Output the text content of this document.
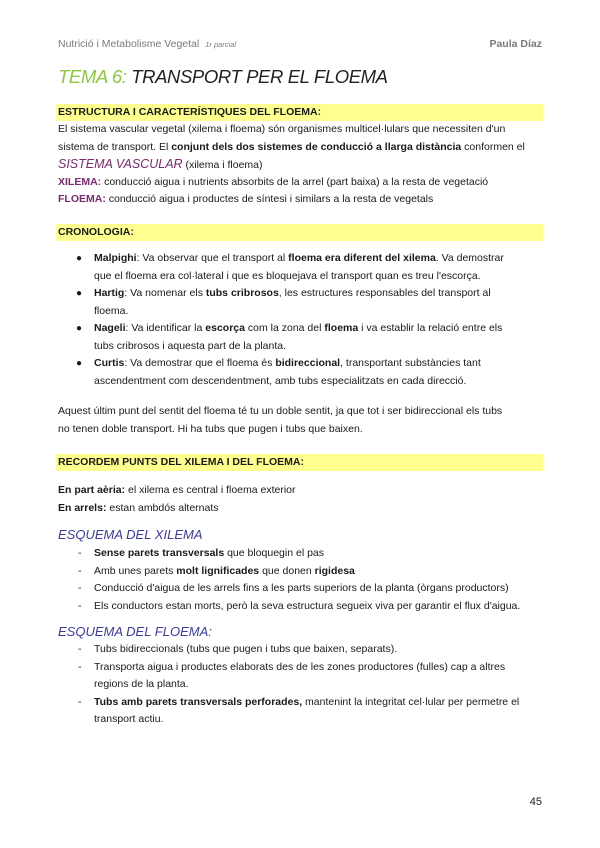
Nutrició i Metabolisme Vegetal 1r parcial	Paula Díaz
TEMA 6: TRANSPORT PER EL FLOEMA
ESTRUCTURA I CARACTERÍSTIQUES DEL FLOEMA:
El sistema vascular vegetal (xilema i floema) són organismes multicel·lulars que necessiten d'un
sistema de transport. El conjunt dels dos sistemes de conducció a llarga distància conformen el
SISTEMA VASCULAR (xilema i floema)
XILEMA: conducció aigua i nutrients absorbits de la arrel (part baixa) a la resta de vegetació
FLOEMA: conducció aigua i productes de síntesi i similars a la resta de vegetals
CRONOLOGIA:
● Malpighi: Va observar que el transport al floema era diferent del xilema. Va demostrar
que el floema era col·lateral i que es bloquejava el transport quan es treu l'escorça.
● Hartig: Va nomenar els tubs cribrosos, les estructures responsables del transport al
floema.
● Nageli: Va identificar la escorça com la zona del floema i va establir la relació entre els
tubs cribrosos i aquesta part de la planta.
● Curtis: Va demostrar que el floema és bidireccional, transportant substàncies tant
ascendentment com descendentment, amb tubs especialitzats en cada direcció.
Aquest últim punt del sentit del floema té tu un doble sentit, ja que tot i ser bidireccional els tubs
no tenen doble transport. Hi ha tubs que pugen i tubs que baixen.
RECORDEM PUNTS DEL XILEMA I DEL FLOEMA:
En part aèria: el xilema es central i floema exterior
En arrels: estan ambdós alternats
ESQUEMA DEL XILEMA
- Sense parets transversals que bloquegin el pas
- Amb unes parets molt lignificades que donen rigidesa
- Conducció d'aigua de les arrels fins a les parts superiors de la planta (òrgans productors)
- Els conductors estan morts, però la seva estructura segueix viva per garantir el flux d'aigua.
ESQUEMA DEL FLOEMA:
- Tubs bidireccionals (tubs que pugen i tubs que baixen, separats).
- Transporta aigua i productes elaborats des de les zones productores (fulles) cap a altres
regions de la planta.
- Tubs amb parets transversals perforades, mantenint la integritat cel·lular per permetre el
transport actiu.
45
